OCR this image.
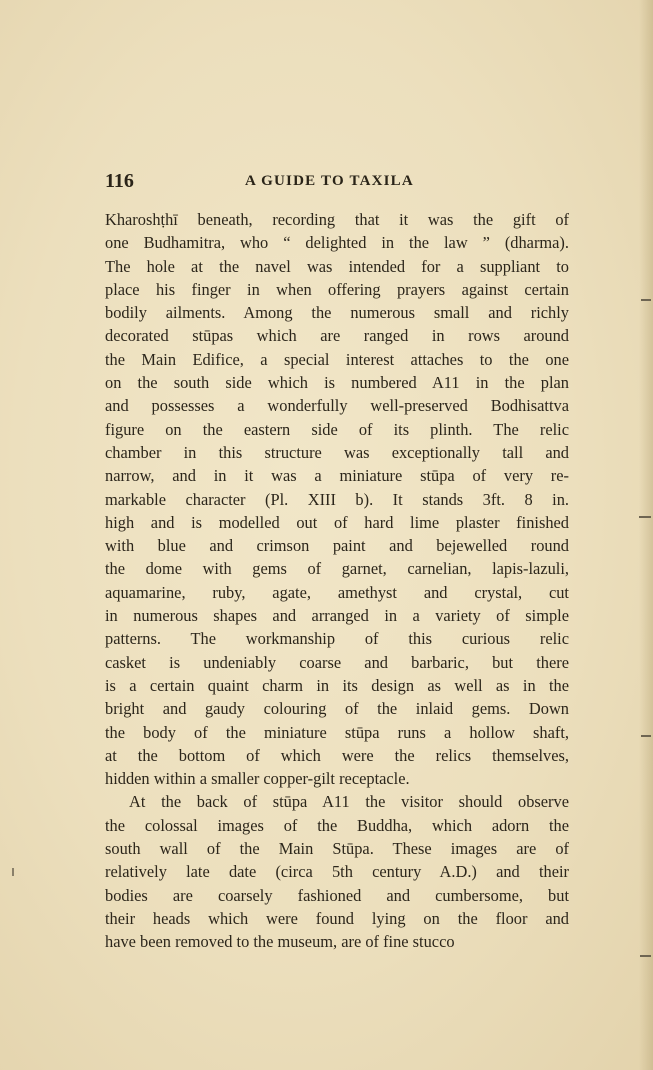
116	A GUIDE TO TAXILA
Kharoshṭhī beneath, recording that it was the gift of
one Budhamitra, who “ delighted in the law ” (dharma).
The hole at the navel was intended for a suppliant to
place his finger in when offering prayers against certain
bodily ailments. Among the numerous small and richly
decorated stūpas which are ranged in rows around
the Main Edifice, a special interest attaches to the one
on the south side which is numbered A11 in the plan
and possesses a wonderfully well-preserved Bodhisattva
figure on the eastern side of its plinth. The relic
chamber in this structure was exceptionally tall and
narrow, and in it was a miniature stūpa of very re-
markable character (Pl. XIII b). It stands 3ft. 8 in.
high and is modelled out of hard lime plaster finished
with blue and crimson paint and bejewelled round
the dome with gems of garnet, carnelian, lapis-lazuli,
aquamarine, ruby, agate, amethyst and crystal, cut
in numerous shapes and arranged in a variety of simple
patterns. The workmanship of this curious relic
casket is undeniably coarse and barbaric, but there
is a certain quaint charm in its design as well as in the
bright and gaudy colouring of the inlaid gems. Down
the body of the miniature stūpa runs a hollow shaft,
at the bottom of which were the relics themselves,
hidden within a smaller copper-gilt receptacle.
At the back of stūpa A11 the visitor should observe
the colossal images of the Buddha, which adorn the
south wall of the Main Stūpa. These images are of
relatively late date (circa 5th century A.D.) and their
bodies are coarsely fashioned and cumbersome, but
their heads which were found lying on the floor and
have been removed to the museum, are of fine stucco
